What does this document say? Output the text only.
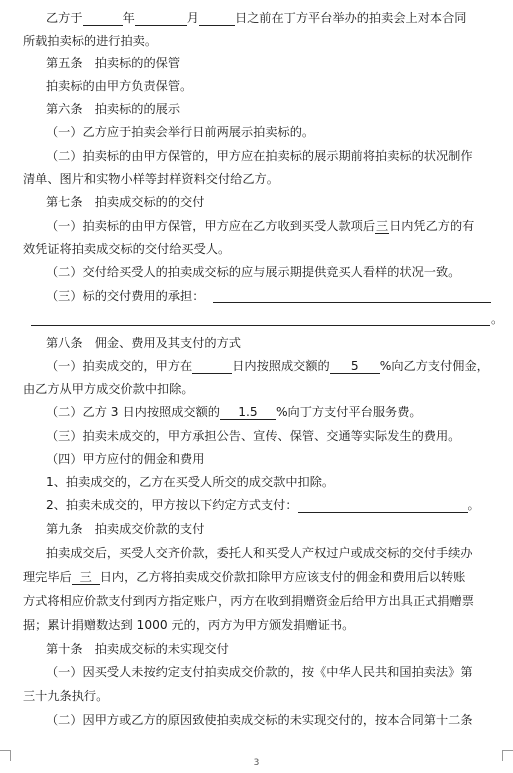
乙方于	年	月	日之前在丁方平台举办的拍卖会上对本合同
所载拍卖标的进行拍卖。
第五条　拍卖标的的保管
拍卖标的由甲方负责保管。
第六条　拍卖标的的展示
（一）乙方应于拍卖会举行日前两展示拍卖标的。
（二）拍卖标的由甲方保管的，甲方应在拍卖标的展示期前将拍卖标的状况制作
清单、图片和实物小样等封样资料交付给乙方。
第七条　拍卖成交标的的交付
（一）拍卖标的由甲方保管，甲方应在乙方收到买受人款项后三日内凭乙方的有
效凭证将拍卖成交标的交付给买受人。
（二）交付给买受人的拍卖成交标的应与展示期提供竞买人看样的状况一致。
（三）标的交付费用的承担：
。
第八条　佣金、费用及其支付的方式
（一）拍卖成交的，甲方在	日内按照成交额的 5 %向乙方支付佣金，
由乙方从甲方成交价款中扣除。
（二）乙方 3 日内按照成交额的 1.5 %向丁方支付平台服务费。
（三）拍卖未成交的，甲方承担公告、宣传、保管、交通等实际发生的费用。
（四）甲方应付的佣金和费用
1、拍卖成交的，乙方在买受人所交的成交款中扣除。
2、拍卖未成交的，甲方按以下约定方式支付：	。
第九条　拍卖成交价款的支付
拍卖成交后，买受人交齐价款，委托人和买受人产权过户或成交标的交付手续办
理完毕后 三 日内，乙方将拍卖成交价款扣除甲方应该支付的佣金和费用后以转账
方式将相应价款支付到丙方指定账户，丙方在收到捐赠资金后给甲方出具正式捐赠票
据；累计捐赠数达到 1000 元的，丙方为甲方颁发捐赠证书。
第十条　拍卖成交标的未实现交付
（一）因买受人未按约定支付拍卖成交价款的，按《中华人民共和国拍卖法》第
三十九条执行。
（二）因甲方或乙方的原因致使拍卖成交标的未实现交付的，按本合同第十二条
3
